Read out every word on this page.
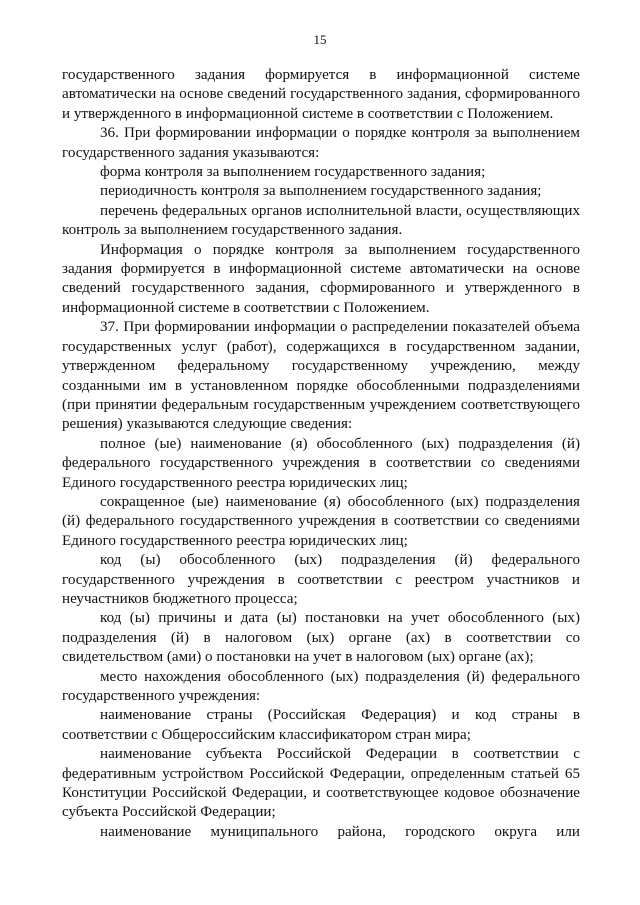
15

государственного задания формируется в информационной системе автоматически на основе сведений государственного задания, сформированного и утвержденного в информационной системе в соответствии с Положением.

36. При формировании информации о порядке контроля за выполнением государственного задания указываются:

форма контроля за выполнением государственного задания;

периодичность контроля за выполнением государственного задания;

перечень федеральных органов исполнительной власти, осуществляющих контроль за выполнением государственного задания.

Информация о порядке контроля за выполнением государственного задания формируется в информационной системе автоматически на основе сведений государственного задания, сформированного и утвержденного в информационной системе в соответствии с Положением.

37. При формировании информации о распределении показателей объема государственных услуг (работ), содержащихся в государственном задании, утвержденном федеральному государственному учреждению, между созданными им в установленном порядке обособленными подразделениями (при принятии федеральным государственным учреждением соответствующего решения) указываются следующие сведения:

полное (ые) наименование (я) обособленного (ых) подразделения (й) федерального государственного учреждения в соответствии со сведениями Единого государственного реестра юридических лиц;

сокращенное (ые) наименование (я) обособленного (ых) подразделения (й) федерального государственного учреждения в соответствии со сведениями Единого государственного реестра юридических лиц;

код (ы) обособленного (ых) подразделения (й) федерального государственного учреждения в соответствии с реестром участников и неучастников бюджетного процесса;

код (ы) причины и дата (ы) постановки на учет обособленного (ых) подразделения (й) в налоговом (ых) органе (ах) в соответствии со свидетельством (ами) о постановки на учет в налоговом (ых) органе (ах);

место нахождения обособленного (ых) подразделения (й) федерального государственного учреждения:

наименование страны (Российская Федерация) и код страны в соответствии с Общероссийским классификатором стран мира;

наименование субъекта Российской Федерации в соответствии с федеративным устройством Российской Федерации, определенным статьей 65 Конституции Российской Федерации, и соответствующее кодовое обозначение субъекта Российской Федерации;

наименование муниципального района, городского округа или
